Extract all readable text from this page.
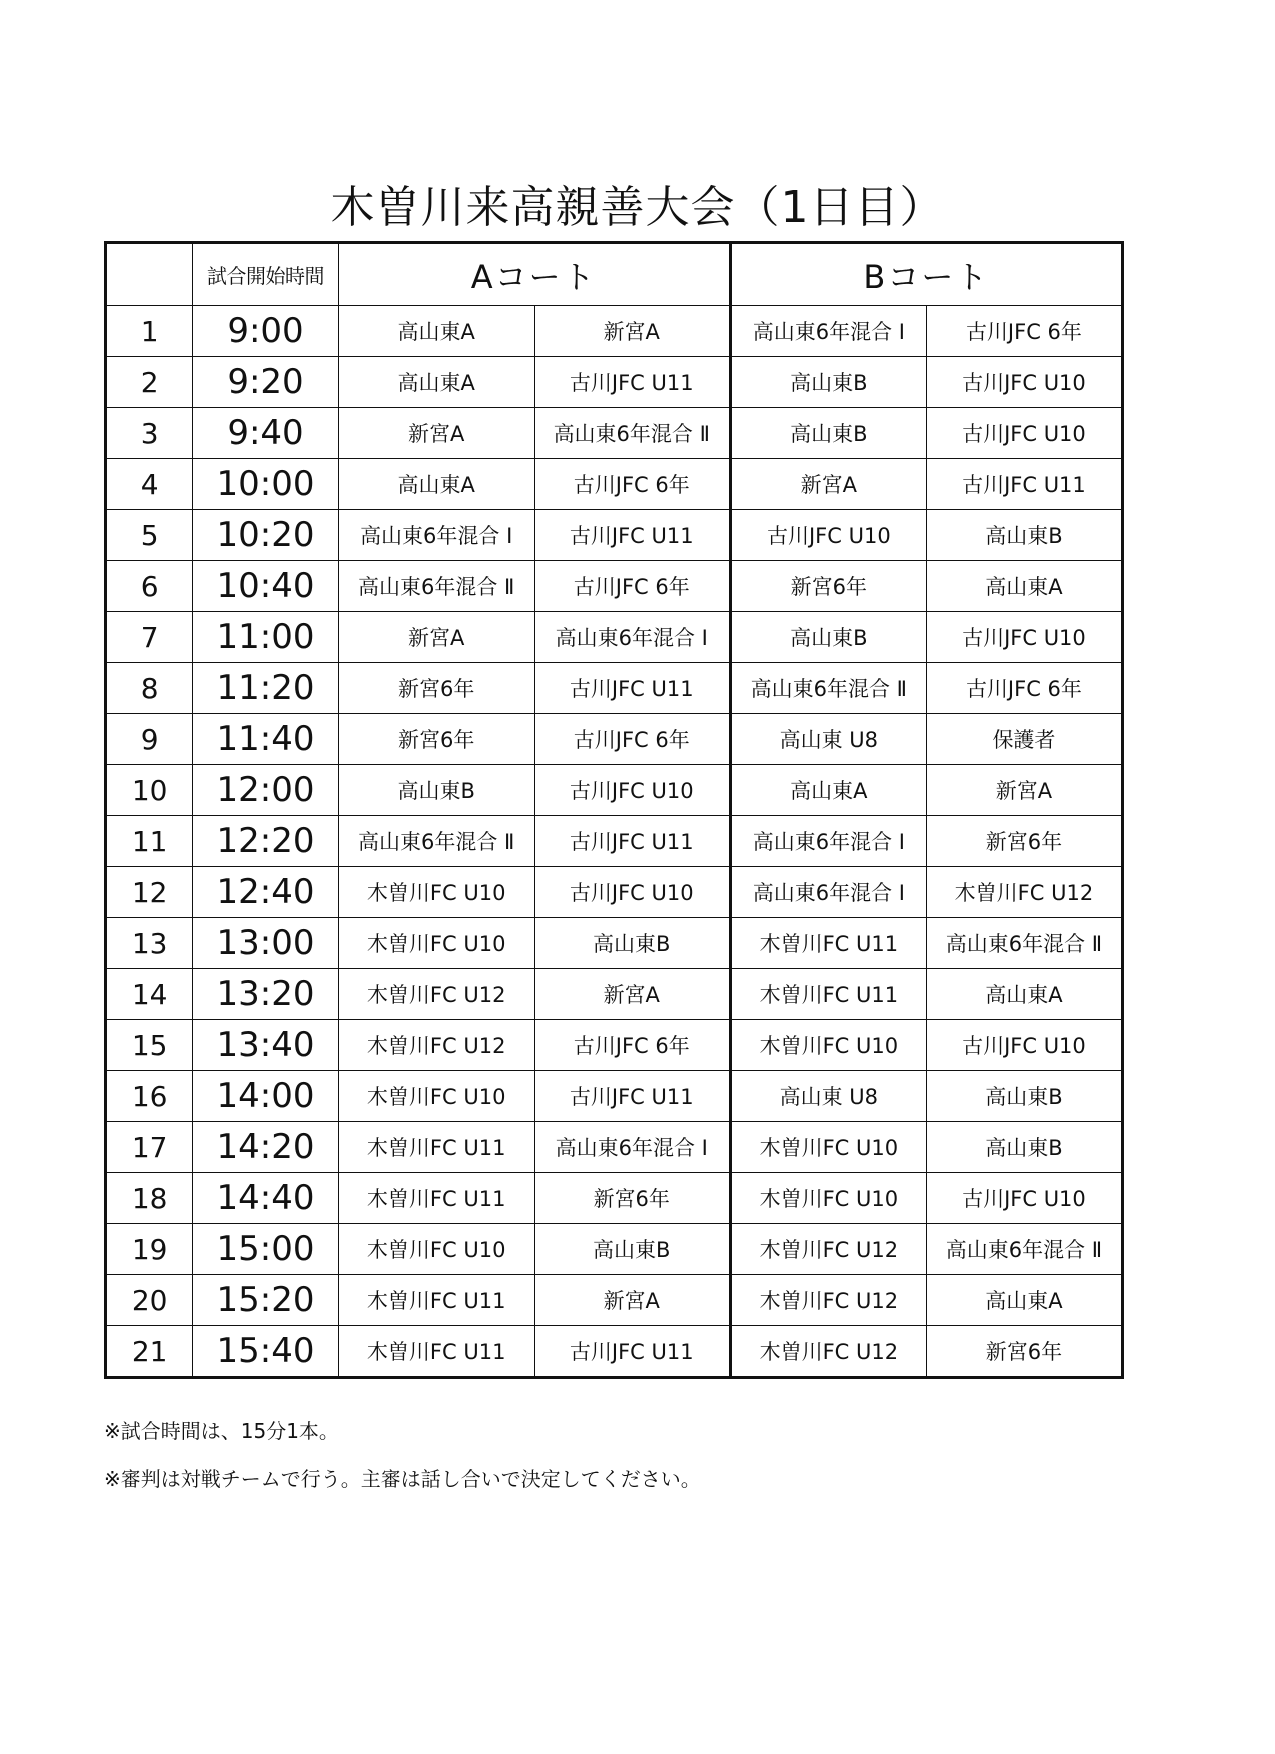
木曽川来高親善大会（1日目）
	試合開始時間	Aコート		Bコート	
1	9:00	高山東A	新宮A	高山東6年混合 Ⅰ	古川JFC 6年
2	9:20	高山東A	古川JFC U11	高山東B	古川JFC U10
3	9:40	新宮A	高山東6年混合 Ⅱ	高山東B	古川JFC U10
4	10:00	高山東A	古川JFC 6年	新宮A	古川JFC U11
5	10:20	高山東6年混合 Ⅰ	古川JFC U11	古川JFC U10	高山東B
6	10:40	高山東6年混合 Ⅱ	古川JFC 6年	新宮6年	高山東A
7	11:00	新宮A	高山東6年混合 Ⅰ	高山東B	古川JFC U10
8	11:20	新宮6年	古川JFC U11	高山東6年混合 Ⅱ	古川JFC 6年
9	11:40	新宮6年	古川JFC 6年	高山東 U8	保護者
10	12:00	高山東B	古川JFC U10	高山東A	新宮A
11	12:20	高山東6年混合 Ⅱ	古川JFC U11	高山東6年混合 Ⅰ	新宮6年
12	12:40	木曽川FC U10	古川JFC U10	高山東6年混合 Ⅰ	木曽川FC U12
13	13:00	木曽川FC U10	高山東B	木曽川FC U11	高山東6年混合 Ⅱ
14	13:20	木曽川FC U12	新宮A	木曽川FC U11	高山東A
15	13:40	木曽川FC U12	古川JFC 6年	木曽川FC U10	古川JFC U10
16	14:00	木曽川FC U10	古川JFC U11	高山東 U8	高山東B
17	14:20	木曽川FC U11	高山東6年混合 Ⅰ	木曽川FC U10	高山東B
18	14:40	木曽川FC U11	新宮6年	木曽川FC U10	古川JFC U10
19	15:00	木曽川FC U10	高山東B	木曽川FC U12	高山東6年混合 Ⅱ
20	15:20	木曽川FC U11	新宮A	木曽川FC U12	高山東A
21	15:40	木曽川FC U11	古川JFC U11	木曽川FC U12	新宮6年

※試合時間は、15分1本。

※審判は対戦チームで行う。主審は話し合いで決定してください。
